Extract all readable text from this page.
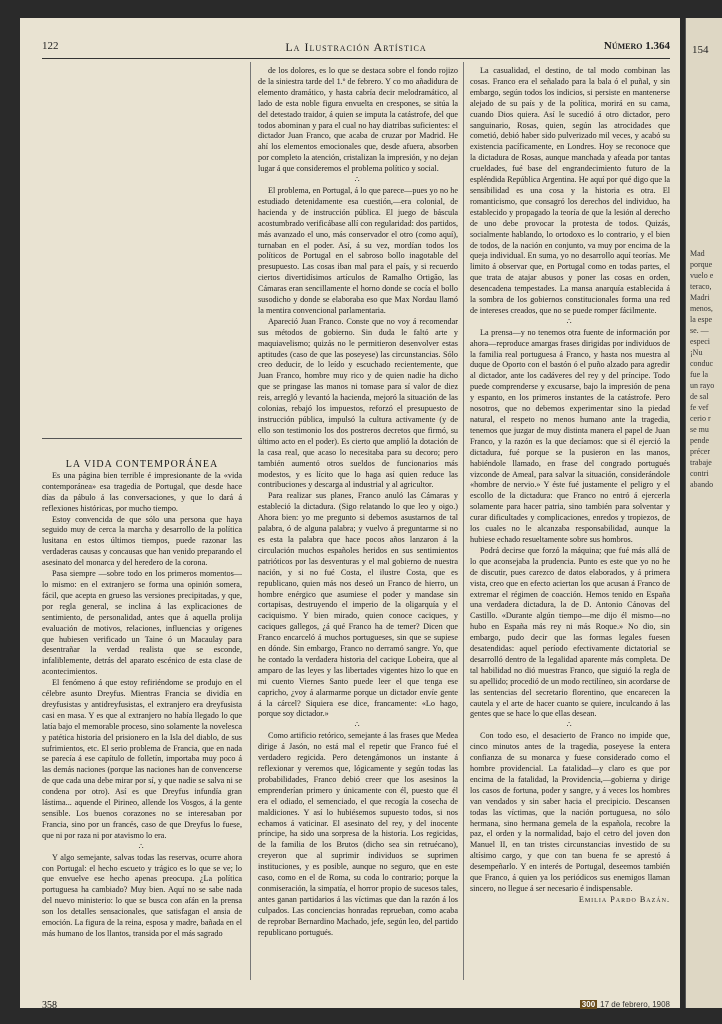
154
Mad
porque
vuelo e
teraco,
Madri
menos,
la espe
se. —
especi
¡Nu
conduc
fue la
un rayo
de sal
fe vef
cerio r
se mu
pende
précer
trabaje
contri
abando
122	La Ilustración Artística	Número 1.364

LA VIDA CONTEMPORÁNEA

Es una página bien terrible é impresionante de la «vida contemporánea» esa tragedia de Portugal, que desde hace días da pábulo á las conversaciones, y que lo dará á reflexiones históricas, por mucho tiempo.

Estoy convencida de que sólo una persona que haya seguido muy de cerca la marcha y desarrollo de la política lusitana en estos últimos tiempos, puede razonar las verdaderas causas y concausas que han venido preparando el asesinato del monarca y del heredero de la corona.

Pasa siempre —sobre todo en los primeros momentos—lo mismo: en el extranjero se forma una opinión somera, fácil, que acepta en grueso las versiones precipitadas, y que, por regla general, se inclina á las explicaciones de sentimiento, de personalidad, antes que á aquella prolija evaluación de motivos, relaciones, influencias y orígenes que hubiesen verificado un Taine ó un Macaulay para desentrañar la verdad realista que se esconde, infaliblemente, detrás del aparato escénico de esta clase de acontecimientos.

El fenómeno á que estoy refiriéndome se produjo en el célebre asunto Dreyfus. Mientras Francia se dividía en dreyfusistas y antidreyfusistas, el extranjero era dreyfusista casi en masa. Y es que al extranjero no había llegado lo que latía bajo el memorable proceso, sino solamente la novelesca y patética historia del prisionero en la Isla del diablo, de sus sufrimientos, etc. El serio problema de Francia, que en nada se parecía á ese capítulo de folletín, importaba muy poco á las demás naciones (porque las naciones han de convencerse de que cada una debe mirar por sí, y que nadie se salva ni se condena por otro). Así es que Dreyfus infundía gran lástima... aquende el Pirineo, allende los Vosgos, á la gente sensible. Los buenos corazones no se interesaban por Francia, sino por un francés, caso de que Dreyfus lo fuese, que ni por raza ni por atavismo lo era.

∴

Y algo semejante, salvas todas las reservas, ocurre ahora con Portugal: el hecho escueto y trágico es lo que se ve; lo que envuelve ese hecho apenas preocupa. ¿La política portuguesa ha cambiado? Muy bien. Aquí no se sabe nada del nuevo ministerio: lo que se busca con afán en la prensa son los detalles sensacionales, que satisfagan el ansia de emoción. La figura de la reina, esposa y madre, bañada en el más humano de los llantos, transida por el más sagrado

de los dolores, es lo que se destaca sobre el fondo rojizo de la siniestra tarde del 1.º de febrero. Y co mo añadidura de elemento dramático, y hasta cabría decir melodramático, al lado de esta noble figura envuelta en crespones, se sitúa la del detestado traidor, á quien se imputa la catástrofe, del que todos abominan y para el cual no hay diatribas suficientes: el dictador Juan Franco, que acaba de cruzar por Madrid. He ahí los elementos emocionales que, desde afuera, absorben por completo la atención, cristalizan la impresión, y no dejan lugar á que consideremos el problema político y social.

∴

El problema, en Portugal, á lo que parece—pues yo no he estudiado detenidamente esa cuestión,—era colonial, de hacienda y de instrucción pública. El juego de báscula acostumbrado verificábase allí con regularidad: dos partidos, más avanzado el uno, más conservador el otro (como aquí), turnaban en el poder. Así, á su vez, mordían todos los políticos de Portugal en el sabroso bollo inagotable del presupuesto. Las cosas iban mal para el país, y si recuerdo ciertos divertidísimos artículos de Ramalho Ortigão, las Cámaras eran sencillamente el horno donde se cocía el bollo susodicho y donde se elaboraba eso que Max Nordau llamó la mentira convencional parlamentaria.

Apareció Juan Franco. Conste que no voy á recomendar sus métodos de gobierno. Sin duda le faltó arte y maquiavelismo; quizás no le permitieron desenvolver estas aptitudes (caso de que las poseyese) las circunstancias. Sólo creo deducir, de lo leído y escuchado recientemente, que Juan Franco, hombre muy rico y de quien nadie ha dicho que se pringase las manos ni tomase para sí valor de diez reis, arregló y levantó la hacienda, mejoró la situación de las colonias, rebajó los impuestos, reforzó el presupuesto de instrucción pública, impulsó la cultura activamente (y de ello son testimonio los dos postreros decretos que firmó, su último acto en el poder). Es cierto que amplió la dotación de la casa real, que acaso lo necesitaba para su decoro; pero también aumentó otros sueldos de funcionarios más modestos, y es lícito que lo haga así quien reduce las contribuciones y descarga al industrial y al agricultor.

Para realizar sus planes, Franco anuló las Cámaras y estableció la dictadura. (Sigo relatando lo que leo y oigo.) Ahora bien: yo me pregunto si debemos asustarnos de tal palabra, ó de alguna palabra; y vuelvo á preguntarme si no es esta la palabra que hace pocos años lanzaron á la circulación muchos españoles heridos en sus sentimientos patrióticos por las desventuras y el mal gobierno de nuestra nación, y si no fué Costa, el ilustre Costa, que es republicano, quien más nos deseó un Franco de hierro, un hombre enérgico que asumiese el poder y mandase sin cortapisas, destruyendo el imperio de la oligarquía y el caciquismo. Y bien mirado, quien conoce caciques, y caciques gallegos, ¿á qué Franco ha de temer? Dicen que Franco encarceló á muchos portugueses, sin que se supiese en dónde. Sin embargo, Franco no derramó sangre. Yo, que he contado la verdadera historia del cacique Lobeira, que al amparo de las leyes y las libertades vigentes hizo lo que en mi cuento Viernes Santo puede leer el que tenga ese capricho, ¿voy á alarmarme porque un dictador envíe gente á la cárcel? Siquiera ese dice, francamente: «Lo hago, porque soy dictador.»

∴

Como artificio retórico, semejante á las frases que Medea dirige á Jasón, no está mal el repetir que Franco fué el verdadero regicida. Pero detengámonos un instante á reflexionar y veremos que, lógicamente y según todas las probabilidades, Franco debió creer que los asesinos la emprenderían primero y únicamente con él, puesto que él era el odiado, el semenciado, el que recogía la cosecha de maldiciones. Y así lo hubiésemos supuesto todos, si nos echamos á vaticinar. El asesinato del rey, y del inocente príncipe, ha sido una sorpresa de la historia. Los regicidas, de la familia de los Brutos (dicho sea sin retruécano), creyeron que al suprimir individuos se suprimen instituciones, y es posible, aunque no seguro, que en este caso, como en el de Roma, su coda lo contrario; porque la conmiseración, la simpatía, el horror propio de sucesos tales, antes ganan partidarios á las víctimas que dan la razón á los culpados. Las conciencias honradas reprueban, como acaba de reprobar Bernardino Machado, jefe, según leo, del partido republicano portugués.

La casualidad, el destino, de tal modo combinan las cosas. Franco era el señalado para la bala ó el puñal, y sin embargo, según todos los indicios, si persiste en mantenerse alejado de su país y de la política, morirá en su cama, cuando Dios quiera. Así le sucedió á otro dictador, pero sanguinario, Rosas, quien, según las atrocidades que cometió, debió haber sido pulverizado mil veces, y acabó su existencia pacíficamente, en Londres. Hoy se reconoce que la dictadura de Rosas, aunque manchada y afeada por tantas crueldades, fué base del engrandecimiento futuro de la espléndida República Argentina. He aquí por qué digo que la sensibilidad es una cosa y la historia es otra. El romanticismo, que consagró los derechos del individuo, ha establecido y propagado la teoría de que la lesión al derecho de uno debe provocar la protesta de todos. Quizás, socialmente hablando, lo ortodoxo es lo contrario, y el bien de todos, de la nación en conjunto, va muy por encima de la queja individual. En suma, yo no desarrollo aquí teorías. Me limito á observar que, en Portugal como en todas partes, el que trata de atajar abusos y poner las cosas en orden, desencadena tempestades. La mansa anarquía establecida á la sombra de los gobiernos constitucionales forma una red de intereses creados, que no se puede romper fácilmente.

∴

La prensa—y no tenemos otra fuente de información por ahora—reproduce amargas frases dirigidas por individuos de la familia real portuguesa á Franco, y hasta nos muestra al duque de Oporto con el bastón ó el puño alzado para agredir al dictador, ante los cadáveres del rey y del príncipe. Todo puede comprenderse y excusarse, bajo la impresión de pena y espanto, en los primeros instantes de la catástrofe. Pero nosotros, que no debemos experimentar sino la piedad natural, el respeto no menos humano ante la tragedia, tenemos que juzgar de muy distinta manera el papel de Juan Franco, y la razón es la que decíamos: que si él ejerció la dictadura, fué porque se la pusieron en las manos, habiéndole llamado, en frase del congrado portugués vizconde de Ameal, para salvar la situación, considerándole «hombre de nervio.» Y éste fué justamente el peligro y el escollo de la dictadura: que Franco no entró á ejercerla solamente para hacer patria, sino también para solventar y curar dificultades y complicaciones, enredos y tropiezos, de los cuales no le alcanzaba responsabilidad, aunque la hubiese echado resueltamente sobre sus hombros.

Podrá decirse que forzó la máquina; que fué más allá de lo que aconsejaba la prudencia. Punto es este que yo no he de discutir, pues carezco de datos elaborados, y á primera vista, creo que en efecto aciertan los que acusan á Franco de extremar el régimen de coacción. Hemos tenido en España una verdadera dictadura, la de D. Antonio Cánovas del Castillo. «Durante algún tiempo—me dijo él mismo—no hubo en España más rey ni más Roque.» No dio, sin embargo, pudo decir que las formas legales fuesen desatendidas: aquel período efectivamente dictatorial se desarrolló dentro de la legalidad aparente más completa. De tal habilidad no dió muestras Franco, que siguió la regla de su apellido; procedió de un modo rectilíneo, sin acordarse de las sentencias del secretario florentino, que encarecen la cautela y el arte de hacer cuanto se quiere, inculcando á las gentes que se hace lo que ellas desean.

∴

Con todo eso, el desacierto de Franco no impide que, cinco minutos antes de la tragedia, poseyese la entera confianza de su monarca y fuese considerado como el hombre providencial. La fatalidad—y claro es que por encima de la fatalidad, la Providencia,—gobierna y dirige los casos de fortuna, poder y sangre, y á veces los hombres van vendados y sin saber hacia el precipicio. Descansen todas las víctimas, que la nación portuguesa, no sólo hermana, sino hermana gemela de la española, recobre la paz, el orden y la normalidad, bajo el cetro del joven don Manuel II, en tan tristes circunstancias investido de su altísimo cargo, y que con tan buena fe se aprestó á desempeñarlo. Y en interés de Portugal, deseemos también que Franco, á quien ya los periódicos sus enemigos llaman sincero, no llegue á ser necesario é indispensable.

Emilia Pardo Bazán.

358	300 17 de febrero, 1908
